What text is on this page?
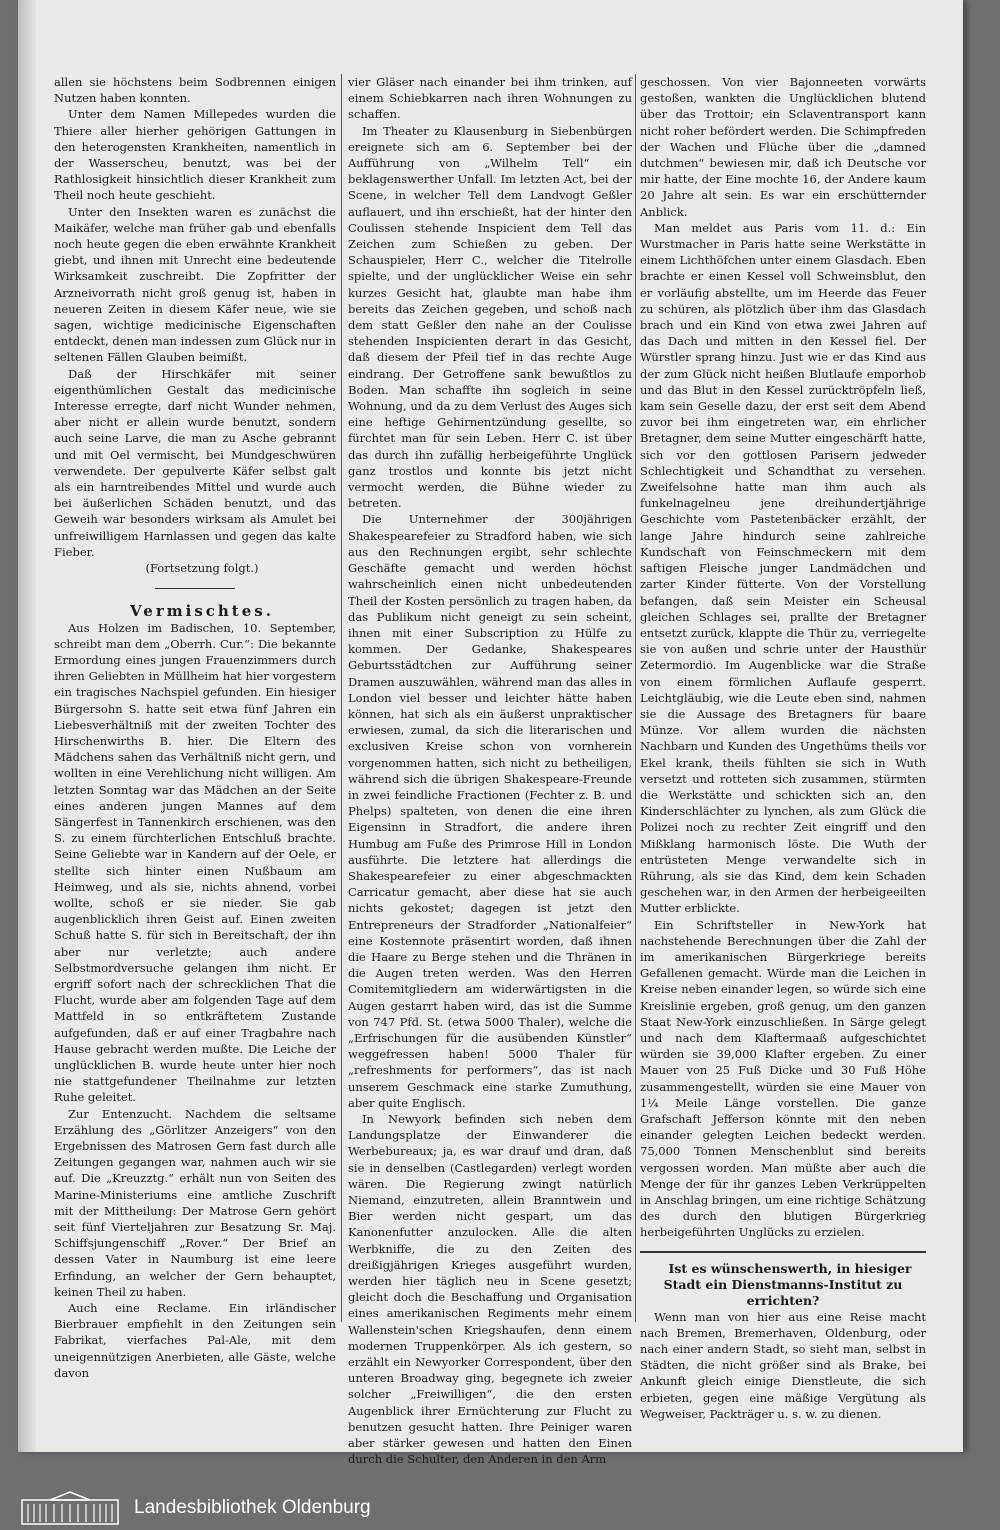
allen sie höchstens beim Sodbrennen einigen Nutzen haben konnten.

Unter dem Namen Millepedes wurden die Thiere aller hierher gehörigen Gattungen in den heterogensten Krankheiten, namentlich in der Wasserscheu, benutzt, was bei der Rathlosigkeit hinsichtlich dieser Krankheit zum Theil noch heute geschieht.

Unter den Insekten waren es zunächst die Maikäfer, welche man früher gab und ebenfalls noch heute gegen die eben erwähnte Krankheit giebt, und ihnen mit Unrecht eine bedeutende Wirksamkeit zuschreibt. Die Zopfritter der Arzneivorrath nicht groß genug ist, haben in neueren Zeiten in diesem Käfer neue, wie sie sagen, wichtige medicinische Eigenschaften entdeckt, denen man indessen zum Glück nur in seltenen Fällen Glauben beimißt.

Daß der Hirschkäfer mit seiner eigenthümlichen Gestalt das medicinische Interesse erregte, darf nicht Wunder nehmen, aber nicht er allein wurde benutzt, sondern auch seine Larve, die man zu Asche gebrannt und mit Oel vermischt, bei Mundgeschwüren verwendete. Der gepulverte Käfer selbst galt als ein harntreibendes Mittel und wurde auch bei äußerlichen Schäden benutzt, und das Geweih war besonders wirksam als Amulet bei unfreiwilligem Harnlassen und gegen das kalte Fieber.

(Fortsetzung folgt.)

Vermischtes.

Aus Holzen im Badischen, 10. September, schreibt man dem „Oberrh. Cur.“: Die bekannte Ermordung eines jungen Frauenzimmers durch ihren Geliebten in Müllheim hat hier vorgestern ein tragisches Nachspiel gefunden. Ein hiesiger Bürgersohn S. hatte seit etwa fünf Jahren ein Liebesverhältniß mit der zweiten Tochter des Hirschenwirths B. hier. Die Eltern des Mädchens sahen das Verhältniß nicht gern, und wollten in eine Verehlichung nicht willigen. Am letzten Sonntag war das Mädchen an der Seite eines anderen jungen Mannes auf dem Sängerfest in Tannenkirch erschienen, was den S. zu einem fürchterlichen Entschluß brachte. Seine Geliebte war in Kandern auf der Oele, er stellte sich hinter einen Nußbaum am Heimweg, und als sie, nichts ahnend, vorbei wollte, schoß er sie nieder. Sie gab augenblicklich ihren Geist auf. Einen zweiten Schuß hatte S. für sich in Bereitschaft, der ihn aber nur verletzte; auch andere Selbstmordversuche gelangen ihm nicht. Er ergriff sofort nach der schrecklichen That die Flucht, wurde aber am folgenden Tage auf dem Mattfeld in so entkräftetem Zustande aufgefunden, daß er auf einer Tragbahre nach Hause gebracht werden mußte. Die Leiche der unglücklichen B. wurde heute unter hier noch nie stattgefundener Theilnahme zur letzten Ruhe geleitet.

Zur Entenzucht. Nachdem die seltsame Erzählung des „Görlitzer Anzeigers“ von den Ergebnissen des Matrosen Gern fast durch alle Zeitungen gegangen war, nahmen auch wir sie auf. Die „Kreuzztg.“ erhält nun von Seiten des Marine-Ministeriums eine amtliche Zuschrift mit der Mittheilung: Der Matrose Gern gehört seit fünf Vierteljahren zur Besatzung Sr. Maj. Schiffsjungenschiff „Rover.“ Der Brief an dessen Vater in Naumburg ist eine leere Erfindung, an welcher der Gern behauptet, keinen Theil zu haben.

Auch eine Reclame. Ein irländischer Bierbrauer empfiehlt in den Zeitungen sein Fabrikat, vierfaches Pal-Ale, mit dem uneigennützigen Anerbieten, alle Gäste, welche davon

vier Gläser nach einander bei ihm trinken, auf einem Schiebkarren nach ihren Wohnungen zu schaffen.

Im Theater zu Klausenburg in Siebenbürgen ereignete sich am 6. September bei der Aufführung von „Wilhelm Tell“ ein beklagenswerther Unfall. Im letzten Act, bei der Scene, in welcher Tell dem Landvogt Geßler auflauert, und ihn erschießt, hat der hinter den Coulissen stehende Inspicient dem Tell das Zeichen zum Schießen zu geben. Der Schauspieler, Herr C., welcher die Titelrolle spielte, und der unglücklicher Weise ein sehr kurzes Gesicht hat, glaubte man habe ihm bereits das Zeichen gegeben, und schoß nach dem statt Geßler den nahe an der Coulisse stehenden Inspicienten derart in das Gesicht, daß diesem der Pfeil tief in das rechte Auge eindrang. Der Getroffene sank bewußtlos zu Boden. Man schaffte ihn sogleich in seine Wohnung, und da zu dem Verlust des Auges sich eine heftige Gehirnentzündung gesellte, so fürchtet man für sein Leben. Herr C. ist über das durch ihn zufällig herbeigeführte Unglück ganz trostlos und konnte bis jetzt nicht vermocht werden, die Bühne wieder zu betreten.

Die Unternehmer der 300jährigen Shakespearefeier zu Stradford haben, wie sich aus den Rechnungen ergibt, sehr schlechte Geschäfte gemacht und werden höchst wahrscheinlich einen nicht unbedeutenden Theil der Kosten persönlich zu tragen haben, da das Publikum nicht geneigt zu sein scheint, ihnen mit einer Subscription zu Hülfe zu kommen. Der Gedanke, Shakespeares Geburtsstädtchen zur Aufführung seiner Dramen auszuwählen, während man das alles in London viel besser und leichter hätte haben können, hat sich als ein äußerst unpraktischer erwiesen, zumal, da sich die literarischen und exclusiven Kreise schon von vornherein vorgenommen hatten, sich nicht zu betheiligen, während sich die übrigen Shakespeare-Freunde in zwei feindliche Fractionen (Fechter z. B. und Phelps) spalteten, von denen die eine ihren Eigensinn in Stradfort, die andere ihren Humbug am Fuße des Primrose Hill in London ausführte. Die letztere hat allerdings die Shakespearefeier zu einer abgeschmackten Carricatur gemacht, aber diese hat sie auch nichts gekostet; dagegen ist jetzt den Entrepreneurs der Stradforder „Nationalfeier“ eine Kostennote präsentirt worden, daß ihnen die Haare zu Berge stehen und die Thränen in die Augen treten werden. Was den Herren Comitemitgliedern am widerwärtigsten in die Augen gestarrt haben wird, das ist die Summe von 747 Pfd. St. (etwa 5000 Thaler), welche die „Erfrischungen für die ausübenden Künstler“ weggefressen haben! 5000 Thaler für „refreshments for performers“, das ist nach unserem Geschmack eine starke Zumuthung, aber quite Englisch.

In Newyork befinden sich neben dem Landungsplatze der Einwanderer die Werbebureaux; ja, es war drauf und dran, daß sie in denselben (Castlegarden) verlegt worden wären. Die Regierung zwingt natürlich Niemand, einzutreten, allein Branntwein und Bier werden nicht gespart, um das Kanonenfutter anzulocken. Alle die alten Werbkniffe, die zu den Zeiten des dreißigjährigen Krieges ausgeführt wurden, werden hier täglich neu in Scene gesetzt; gleicht doch die Beschaffung und Organisation eines amerikanischen Regiments mehr einem Wallenstein'schen Kriegshaufen, denn einem modernen Truppenkörper. Als ich gestern, so erzählt ein Newyorker Correspondent, über den unteren Broadway ging, begegnete ich zweier solcher „Freiwilligen“, die den ersten Augenblick ihrer Ernüchterung zur Flucht zu benutzen gesucht hatten. Ihre Peiniger waren aber stärker gewesen und hatten den Einen durch die Schulter, den Anderen in den Arm

geschossen. Von vier Bajonneeten vorwärts gestoßen, wankten die Unglücklichen blutend über das Trottoir; ein Sclaventransport kann nicht roher befördert werden. Die Schimpfreden der Wachen und Flüche über die „damned dutchmen“ bewiesen mir, daß ich Deutsche vor mir hatte, der Eine mochte 16, der Andere kaum 20 Jahre alt sein. Es war ein erschütternder Anblick.

Man meldet aus Paris vom 11. d.: Ein Wurstmacher in Paris hatte seine Werkstätte in einem Lichthöfchen unter einem Glasdach. Eben brachte er einen Kessel voll Schweinsblut, den er vorläufig abstellte, um im Heerde das Feuer zu schüren, als plötzlich über ihm das Glasdach brach und ein Kind von etwa zwei Jahren auf das Dach und mitten in den Kessel fiel. Der Würstler sprang hinzu. Just wie er das Kind aus der zum Glück nicht heißen Blutlaufe emporhob und das Blut in den Kessel zurücktröpfeln ließ, kam sein Geselle dazu, der erst seit dem Abend zuvor bei ihm eingetreten war, ein ehrlicher Bretagner, dem seine Mutter eingeschärft hatte, sich vor den gottlosen Parisern jedweder Schlechtigkeit und Schandthat zu versehen. Zweifelsohne hatte man ihm auch als funkelnagelneu jene dreihundertjährige Geschichte vom Pastetenbäcker erzählt, der lange Jahre hindurch seine zahlreiche Kundschaft von Feinschmeckern mit dem saftigen Fleische junger Landmädchen und zarter Kinder fütterte. Von der Vorstellung befangen, daß sein Meister ein Scheusal gleichen Schlages sei, prallte der Bretagner entsetzt zurück, klappte die Thür zu, verriegelte sie von außen und schrie unter der Hausthür Zetermordio. Im Augenblicke war die Straße von einem förmlichen Auflaufe gesperrt. Leichtgläubig, wie die Leute eben sind, nahmen sie die Aussage des Bretagners für baare Münze. Vor allem wurden die nächsten Nachbarn und Kunden des Ungethüms theils vor Ekel krank, theils fühlten sie sich in Wuth versetzt und rotteten sich zusammen, stürmten die Werkstätte und schickten sich an, den Kinderschlächter zu lynchen, als zum Glück die Polizei noch zu rechter Zeit eingriff und den Mißklang harmonisch löste. Die Wuth der entrüsteten Menge verwandelte sich in Rührung, als sie das Kind, dem kein Schaden geschehen war, in den Armen der herbeigeeilten Mutter erblickte.

Ein Schriftsteller in New-York hat nachstehende Berechnungen über die Zahl der im amerikanischen Bürgerkriege bereits Gefallenen gemacht. Würde man die Leichen in Kreise neben einander legen, so würde sich eine Kreislinie ergeben, groß genug, um den ganzen Staat New-York einzuschließen. In Särge gelegt und nach dem Klaftermaaß aufgeschichtet würden sie 39,000 Klafter ergeben. Zu einer Mauer von 25 Fuß Dicke und 30 Fuß Höhe zusammengestellt, würden sie eine Mauer von 1¼ Meile Länge vorstellen. Die ganze Grafschaft Jefferson könnte mit den neben einander gelegten Leichen bedeckt werden. 75,000 Tonnen Menschenblut sind bereits vergossen worden. Man müßte aber auch die Menge der für ihr ganzes Leben Verkrüppelten in Anschlag bringen, um eine richtige Schätzung des durch den blutigen Bürgerkrieg herbeigeführten Unglücks zu erzielen.

Ist es wünschenswerth, in hiesiger Stadt ein Dienstmanns-Institut zu errichten?

Wenn man von hier aus eine Reise macht nach Bremen, Bremerhaven, Oldenburg, oder nach einer andern Stadt, so sieht man, selbst in Städten, die nicht größer sind als Brake, bei Ankunft gleich einige Dienstleute, die sich erbieten, gegen eine mäßige Vergütung als Wegweiser, Packträger u. s. w. zu dienen.

Landesbibliothek Oldenburg
